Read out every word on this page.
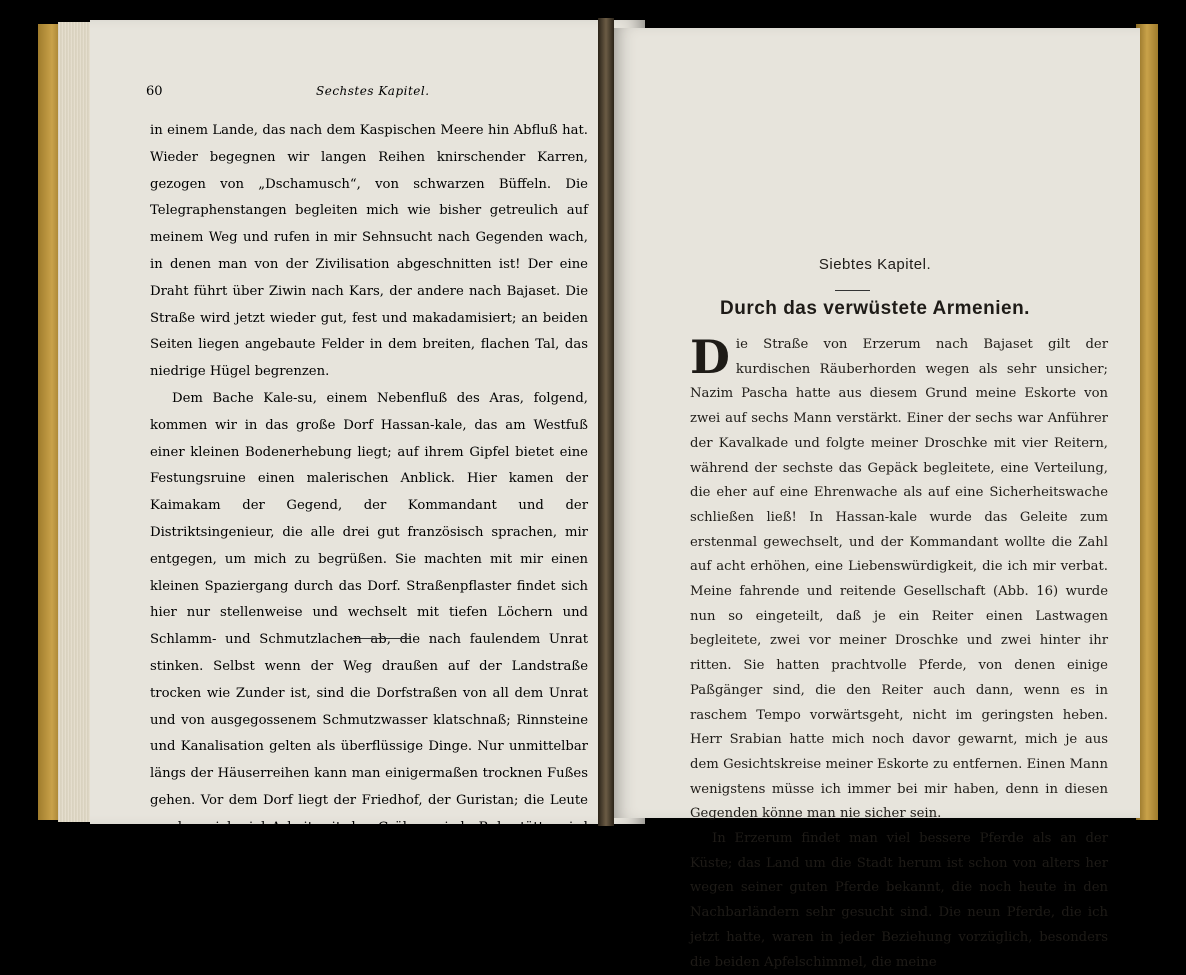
Siebtes Kapitel.
Durch das verwüstete Armenien.

Die Straße von Erzerum nach Bajaset gilt der kurdischen Räuberhorden wegen als sehr unsicher; Nazim Pascha hatte aus diesem Grund meine Eskorte von zwei auf sechs Mann verstärkt. Einer der sechs war Anführer der Kavalkade und folgte meiner Droschke mit vier Reitern, während der sechste das Gepäck begleitete, eine Verteilung, die eher auf eine Ehrenwache als auf eine Sicherheitswache schließen ließ! In Hassan-kale wurde das Geleite zum erstenmal gewechselt, und der Kommandant wollte die Zahl auf acht erhöhen, eine Liebenswürdigkeit, die ich mir verbat. Meine fahrende und reitende Gesellschaft (Abb. 16) wurde nun so eingeteilt, daß je ein Reiter einen Lastwagen begleitete, zwei vor meiner Droschke und zwei hinter ihr ritten. Sie hatten prachtvolle Pferde, von denen einige Paßgänger sind, die den Reiter auch dann, wenn es in raschem Tempo vorwärtsgeht, nicht im geringsten heben. Herr Srabian hatte mich noch davor gewarnt, mich je aus dem Gesichtskreise meiner Eskorte zu entfernen. Einen Mann wenigstens müsse ich immer bei mir haben, denn in diesen Gegenden könne man nie sicher sein.

In Erzerum findet man viel bessere Pferde als an der Küste; das Land um die Stadt herum ist schon von alters her wegen seiner guten Pferde bekannt, die noch heute in den Nachbarländern sehr gesucht sind. Die neun Pferde, die ich jetzt hatte, waren in jeder Beziehung vorzüglich, besonders die beiden Apfelschimmel, die meine

60	Sechstes Kapitel.

in einem Lande, das nach dem Kaspischen Meere hin Abfluß hat. Wieder begegnen wir langen Reihen knirschender Karren, gezogen von „Dschamusch“, von schwarzen Büffeln. Die Telegraphenstangen begleiten mich wie bisher getreulich auf meinem Weg und rufen in mir Sehnsucht nach Gegenden wach, in denen man von der Zivilisation abgeschnitten ist! Der eine Draht führt über Ziwin nach Kars, der andere nach Bajaset. Die Straße wird jetzt wieder gut, fest und makadamisiert; an beiden Seiten liegen angebaute Felder in dem breiten, flachen Tal, das niedrige Hügel begrenzen.

Dem Bache Kale-su, einem Nebenfluß des Aras, folgend, kommen wir in das große Dorf Hassan-kale, das am Westfuß einer kleinen Bodenerhebung liegt; auf ihrem Gipfel bietet eine Festungsruine einen malerischen Anblick. Hier kamen der Kaimakam der Gegend, der Kommandant und der Distriktsingenieur, die alle drei gut französisch sprachen, mir entgegen, um mich zu begrüßen. Sie machten mit mir einen kleinen Spaziergang durch das Dorf. Straßenpflaster findet sich hier nur stellenweise und wechselt mit tiefen Löchern und Schlamm- und Schmutzlachen ab, die nach faulendem Unrat stinken. Selbst wenn der Weg draußen auf der Landstraße trocken wie Zunder ist, sind die Dorfstraßen von all dem Unrat und von ausgegossenem Schmutzwasser klatschnaß; Rinnsteine und Kanalisation gelten als überflüssige Dinge. Nur unmittelbar längs der Häuserreihen kann man einigermaßen trocknen Fußes gehen. Vor dem Dorf liegt der Friedhof, der Guristan; die Leute machen sich viel Arbeit mit den Gräbern; jede Ruhestätte wird mit zwei hohen, aufrechtstehenden Denksteinen geschmückt. Hassan-kale soll 7000 Einwohner und 400 Mann Garnison haben, hauptsächlich Kavallerie und eine Batterie.
